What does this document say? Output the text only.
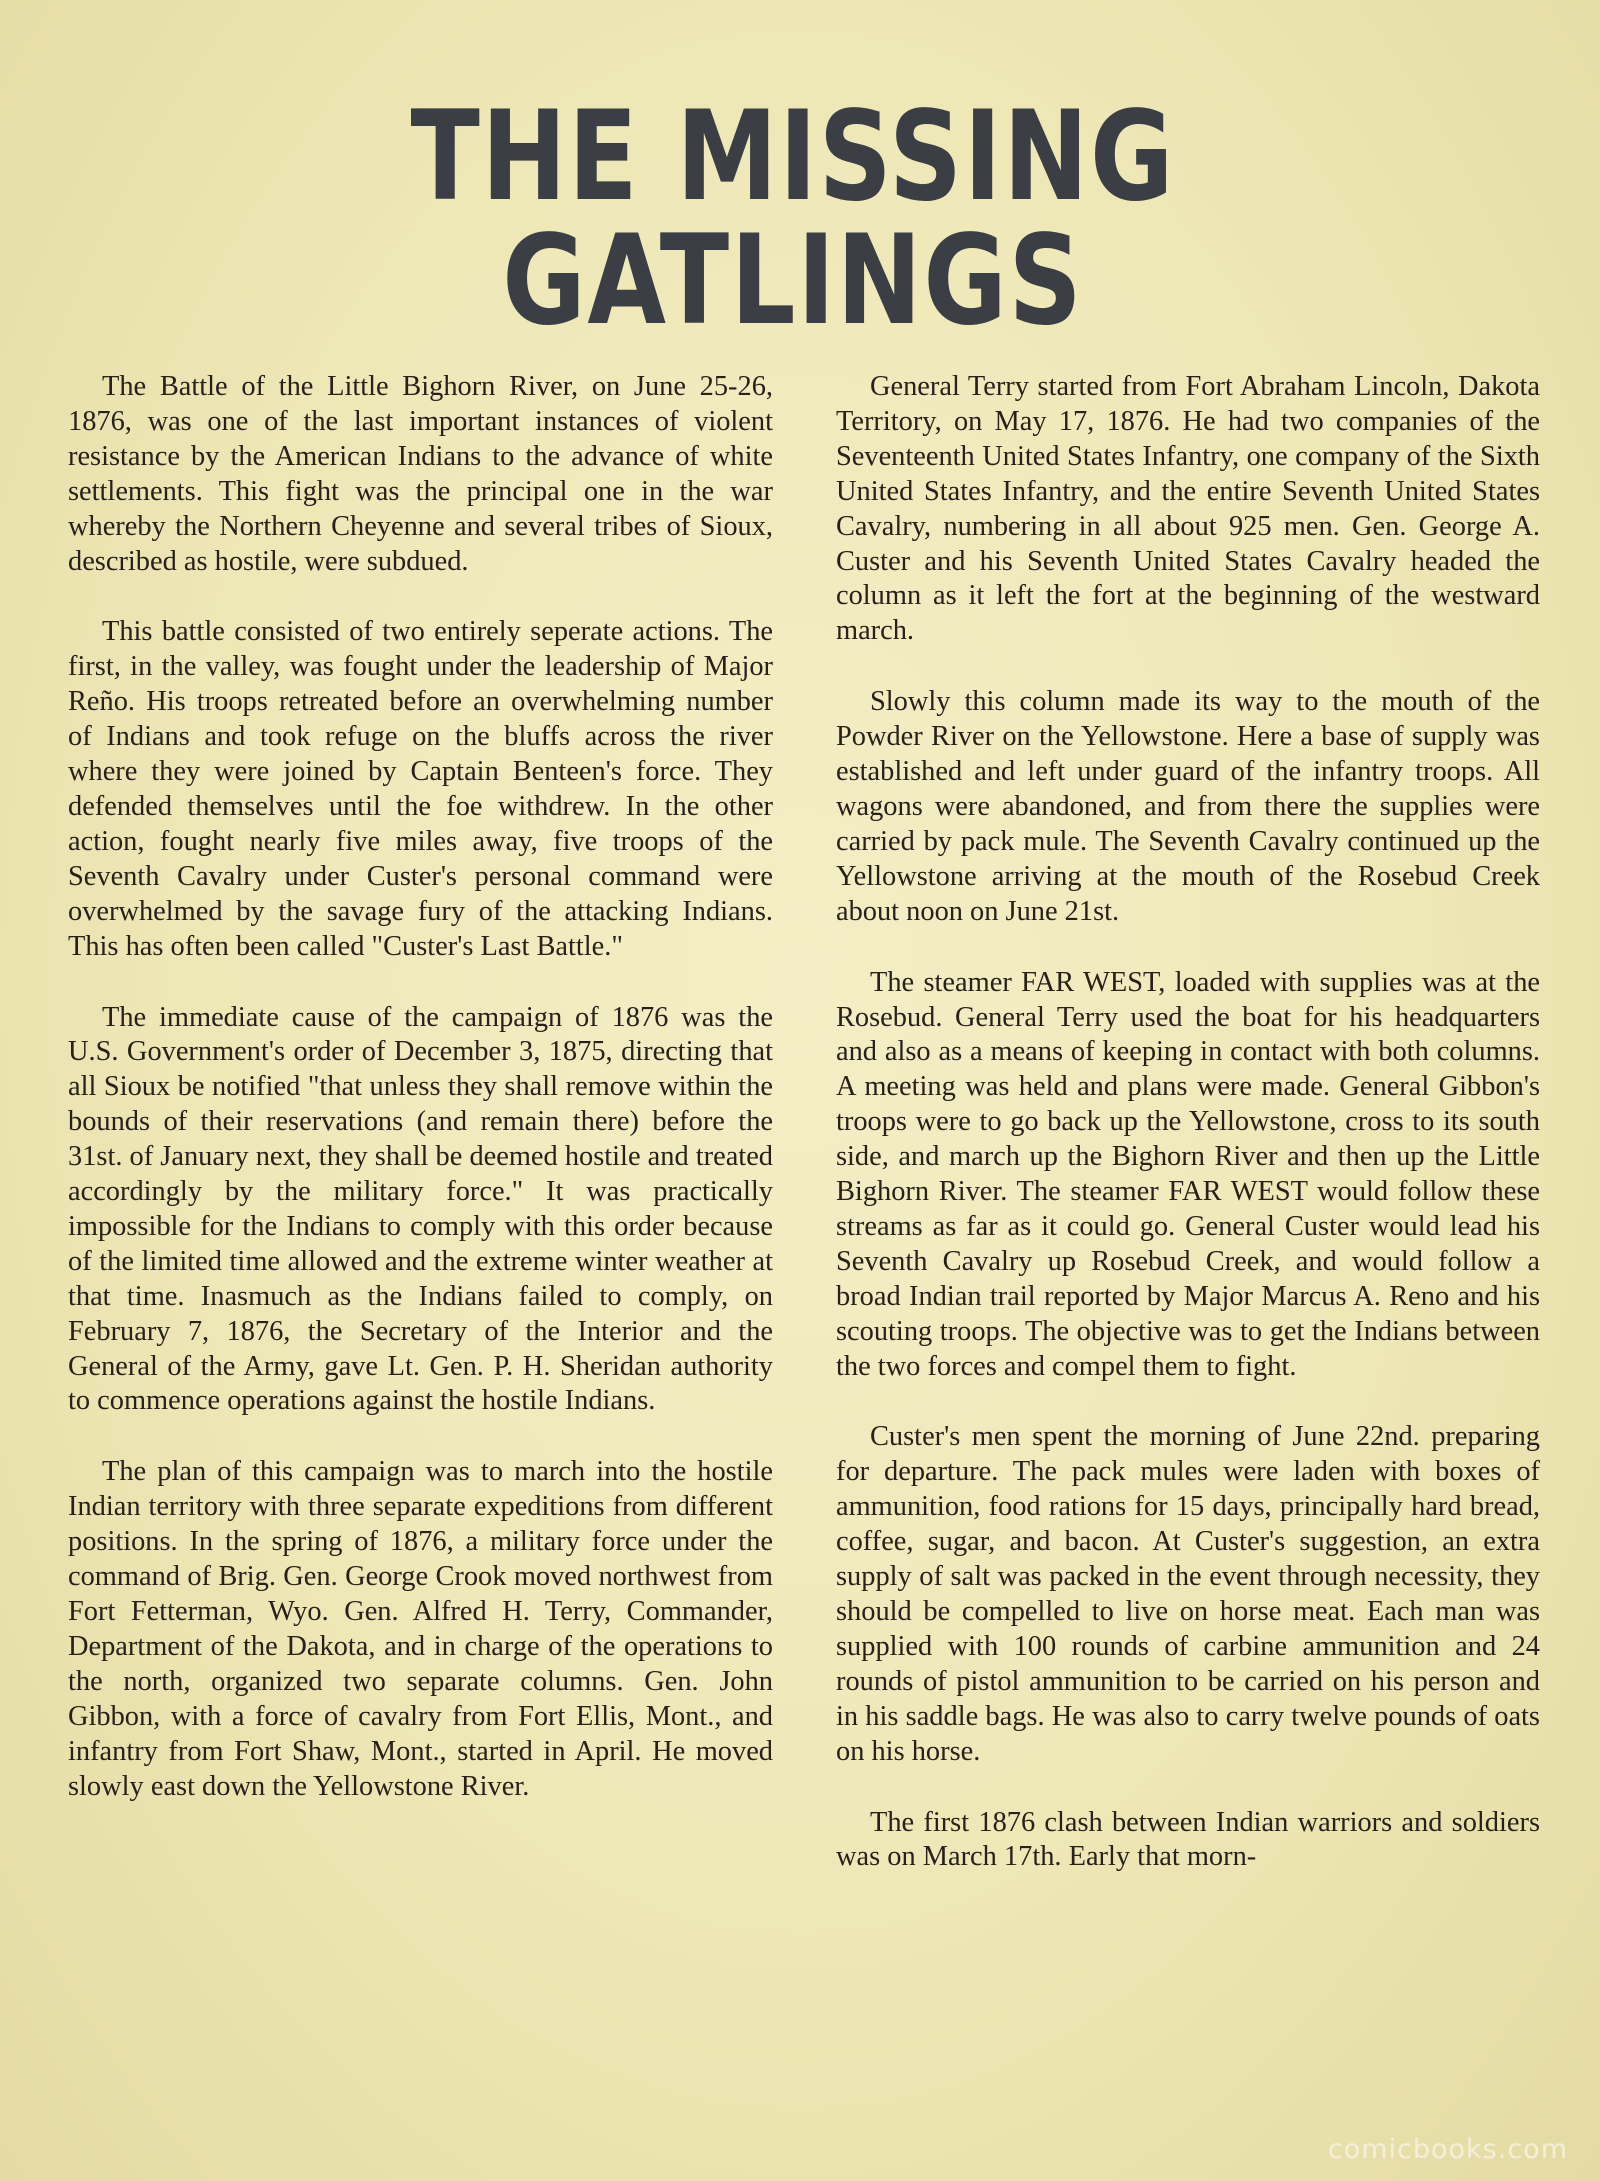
THE MISSING GATLINGS

The Battle of the Little Bighorn River, on June 25-26, 1876, was one of the last important instances of violent resistance by the American Indians to the advance of white settlements. This fight was the principal one in the war whereby the Northern Cheyenne and several tribes of Sioux, described as hostile, were subdued.

This battle consisted of two entirely seperate actions. The first, in the valley, was fought under the leadership of Major Reño. His troops retreated before an overwhelming number of Indians and took refuge on the bluffs across the river where they were joined by Captain Benteen's force. They defended themselves until the foe withdrew. In the other action, fought nearly five miles away, five troops of the Seventh Cavalry under Custer's personal command were overwhelmed by the savage fury of the attacking Indians. This has often been called "Custer's Last Battle."

The immediate cause of the campaign of 1876 was the U.S. Government's order of December 3, 1875, directing that all Sioux be notified "that unless they shall remove within the bounds of their reservations (and remain there) before the 31st. of January next, they shall be deemed hostile and treated accordingly by the military force." It was practically impossible for the Indians to comply with this order because of the limited time allowed and the extreme winter weather at that time. Inasmuch as the Indians failed to comply, on February 7, 1876, the Secretary of the Interior and the General of the Army, gave Lt. Gen. P. H. Sheridan authority to commence operations against the hostile Indians.

The plan of this campaign was to march into the hostile Indian territory with three separate expeditions from different positions. In the spring of 1876, a military force under the command of Brig. Gen. George Crook moved northwest from Fort Fetterman, Wyo. Gen. Alfred H. Terry, Commander, Department of the Dakota, and in charge of the operations to the north, organized two separate columns. Gen. John Gibbon, with a force of cavalry from Fort Ellis, Mont., and infantry from Fort Shaw, Mont., started in April. He moved slowly east down the Yellowstone River.

General Terry started from Fort Abraham Lincoln, Dakota Territory, on May 17, 1876. He had two companies of the Seventeenth United States Infantry, one company of the Sixth United States Infantry, and the entire Seventh United States Cavalry, numbering in all about 925 men. Gen. George A. Custer and his Seventh United States Cavalry headed the column as it left the fort at the beginning of the westward march.

Slowly this column made its way to the mouth of the Powder River on the Yellowstone. Here a base of supply was established and left under guard of the infantry troops. All wagons were abandoned, and from there the supplies were carried by pack mule. The Seventh Cavalry continued up the Yellowstone arriving at the mouth of the Rosebud Creek about noon on June 21st.

The steamer FAR WEST, loaded with supplies was at the Rosebud. General Terry used the boat for his headquarters and also as a means of keeping in contact with both columns. A meeting was held and plans were made. General Gibbon's troops were to go back up the Yellowstone, cross to its south side, and march up the Bighorn River and then up the Little Bighorn River. The steamer FAR WEST would follow these streams as far as it could go. General Custer would lead his Seventh Cavalry up Rosebud Creek, and would follow a broad Indian trail reported by Major Marcus A. Reno and his scouting troops. The objective was to get the Indians between the two forces and compel them to fight.

Custer's men spent the morning of June 22nd. preparing for departure. The pack mules were laden with boxes of ammunition, food rations for 15 days, principally hard bread, coffee, sugar, and bacon. At Custer's suggestion, an extra supply of salt was packed in the event through necessity, they should be compelled to live on horse meat. Each man was supplied with 100 rounds of carbine ammunition and 24 rounds of pistol ammunition to be carried on his person and in his saddle bags. He was also to carry twelve pounds of oats on his horse.

The first 1876 clash between Indian warriors and soldiers was on March 17th. Early that morn-

comicbooks.com
